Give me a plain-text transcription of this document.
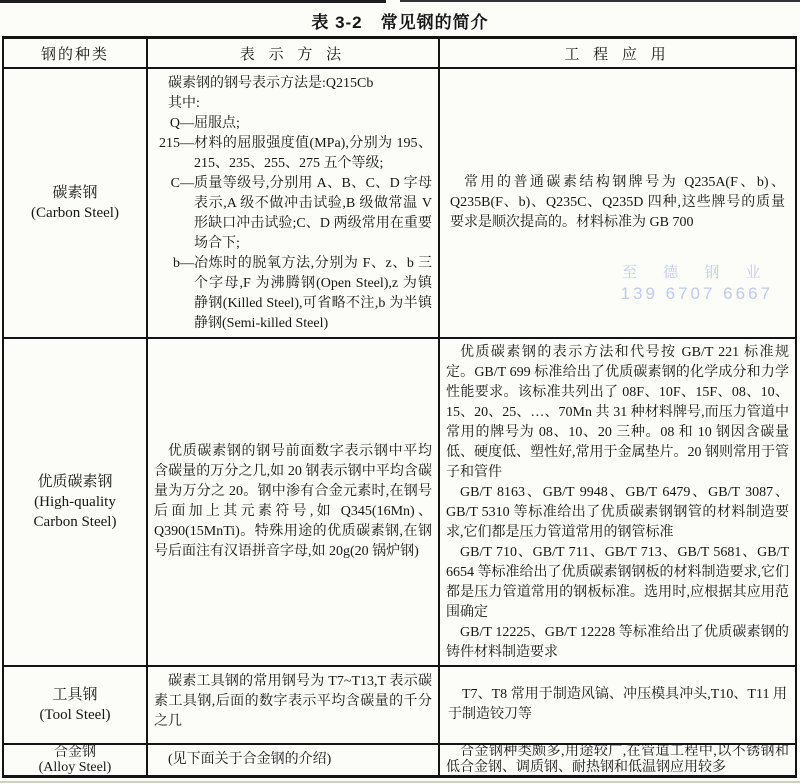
表 3-2　常见钢的简介
钢的种类	表 示 方 法	工 程 应 用
碳素钢
(Carbon Steel)

碳素钢的钢号表示方法是:Q215Cb

其中:

Q— 屈服点;
215— 材料的屈服强度值(MPa),分别为 195、215、235、255、275 五个等级;
C— 质量等级号,分别用 A、B、C、D 字母表示,A 级不做冲击试验,B 级做常温 V 形缺口冲击试验;C、D 两级常用在重要场合下;
b— 冶炼时的脱氧方法,分别为 F、z、b 三个字母,F 为沸腾钢(Open Steel),z 为镇静钢(Killed Steel),可省略不注,b 为半镇静钢(Semi-killed Steel)

常用的普通碳素结构钢牌号为 Q235A(F、b)、Q235B(F、b)、Q235C、Q235D 四种,这些牌号的质量要求是顺次提高的。材料标准为 GB 700

至 德 钢 业
139 6707 6667
优质碳素钢
(High-quality
Carbon Steel)

优质碳素钢的钢号前面数字表示钢中平均含碳量的万分之几,如 20 钢表示钢中平均含碳量为万分之 20。钢中渗有合金元素时,在钢号后面加上其元素符号,如 Q345(16Mn)、Q390(15MnTi)。特殊用途的优质碳素钢,在钢号后面注有汉语拼音字母,如 20g(20 锅炉钢)

优质碳素钢的表示方法和代号按 GB/T 221 标准规定。GB/T 699 标准给出了优质碳素钢的化学成分和力学性能要求。该标准共列出了 08F、10F、15F、08、10、15、20、25、…、70Mn 共 31 种材料牌号,而压力管道中常用的牌号为 08、10、20 三种。08 和 10 钢因含碳量低、硬度低、塑性好,常用于金属垫片。20 钢则常用于管子和管件

GB/T 8163、GB/T 9948、GB/T 6479、GB/T 3087、GB/T 5310 等标准给出了优质碳素钢钢管的材料制造要求,它们都是压力管道常用的钢管标准

GB/T 710、GB/T 711、GB/T 713、GB/T 5681、GB/T 6654 等标准给出了优质碳素钢钢板的材料制造要求,它们都是压力管道常用的钢板标准。选用时,应根据其应用范围确定

GB/T 12225、GB/T 12228 等标准给出了优质碳素钢的铸件材料制造要求

工具钢
(Tool Steel)

碳素工具钢的常用钢号为 T7~T13,T 表示碳素工具钢,后面的数字表示平均含碳量的千分之几

T7、T8 常用于制造风镐、冲压模具冲头,T10、T11 用于制造铰刀等

合金钢
(Alloy Steel)

(见下面关于合金钢的介绍)

合金钢种类颇多,用途较广,在管道工程中,以不锈钢和低合金钢、调质钢、耐热钢和低温钢应用较多
